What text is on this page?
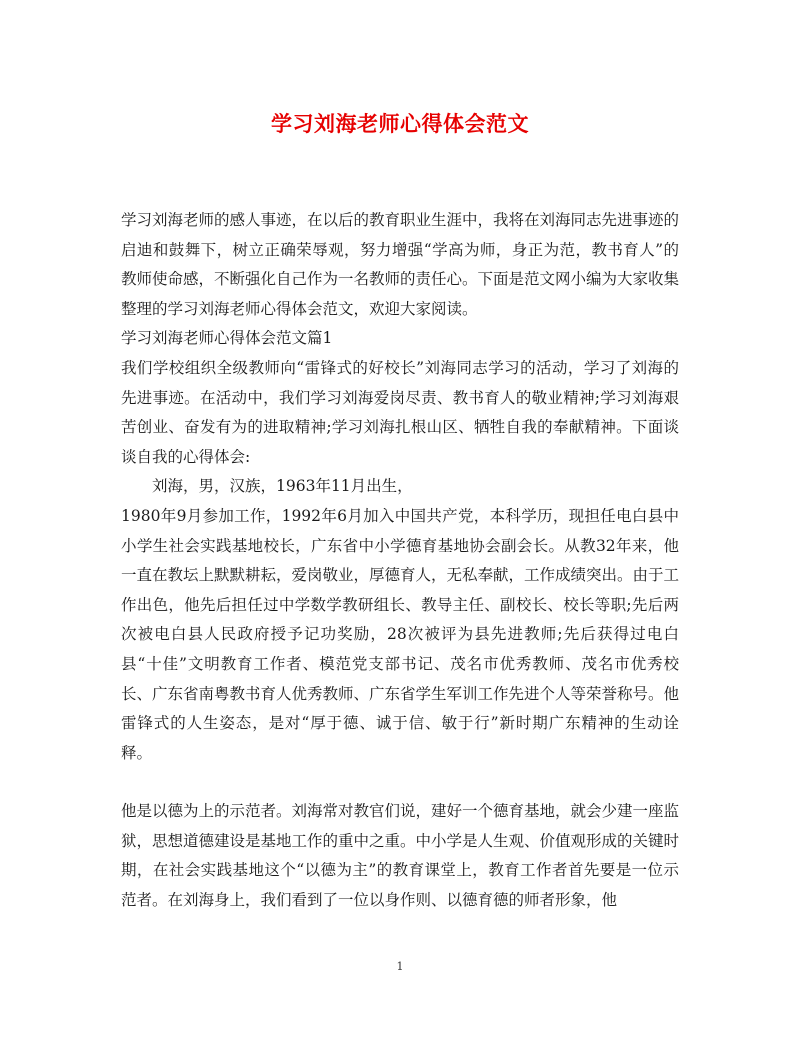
学习刘海老师心得体会范文

学习刘海老师的感人事迹，在以后的教育职业生涯中，我将在刘海同志先进事迹的启迪和鼓舞下，树立正确荣辱观，努力增强“学高为师，身正为范，教书育人”的教师使命感，不断强化自己作为一名教师的责任心。下面是范文网小编为大家收集整理的学习刘海老师心得体会范文，欢迎大家阅读。

学习刘海老师心得体会范文篇1

我们学校组织全级教师向“雷锋式的好校长”刘海同志学习的活动，学习了刘海的先进事迹。在活动中，我们学习刘海爱岗尽责、教书育人的敬业精神;学习刘海艰苦创业、奋发有为的进取精神;学习刘海扎根山区、牺牲自我的奉献精神。下面谈谈自我的心得体会:

刘海，男，汉族，1963年11月出生，

1980年9月参加工作，1992年6月加入中国共产党，本科学历，现担任电白县中小学生社会实践基地校长，广东省中小学德育基地协会副会长。从教32年来，他一直在教坛上默默耕耘，爱岗敬业，厚德育人，无私奉献，工作成绩突出。由于工作出色，他先后担任过中学数学教研组长、教导主任、副校长、校长等职;先后两次被电白县人民政府授予记功奖励，28次被评为县先进教师;先后获得过电白县“十佳”文明教育工作者、模范党支部书记、茂名市优秀教师、茂名市优秀校长、广东省南粤教书育人优秀教师、广东省学生军训工作先进个人等荣誉称号。他雷锋式的人生姿态，是对“厚于德、诚于信、敏于行”新时期广东精神的生动诠释。

他是以德为上的示范者。刘海常对教官们说，建好一个德育基地，就会少建一座监狱，思想道德建设是基地工作的重中之重。中小学是人生观、价值观形成的关键时期，在社会实践基地这个“以德为主”的教育课堂上，教育工作者首先要是一位示范者。在刘海身上，我们看到了一位以身作则、以德育德的师者形象，他

1
